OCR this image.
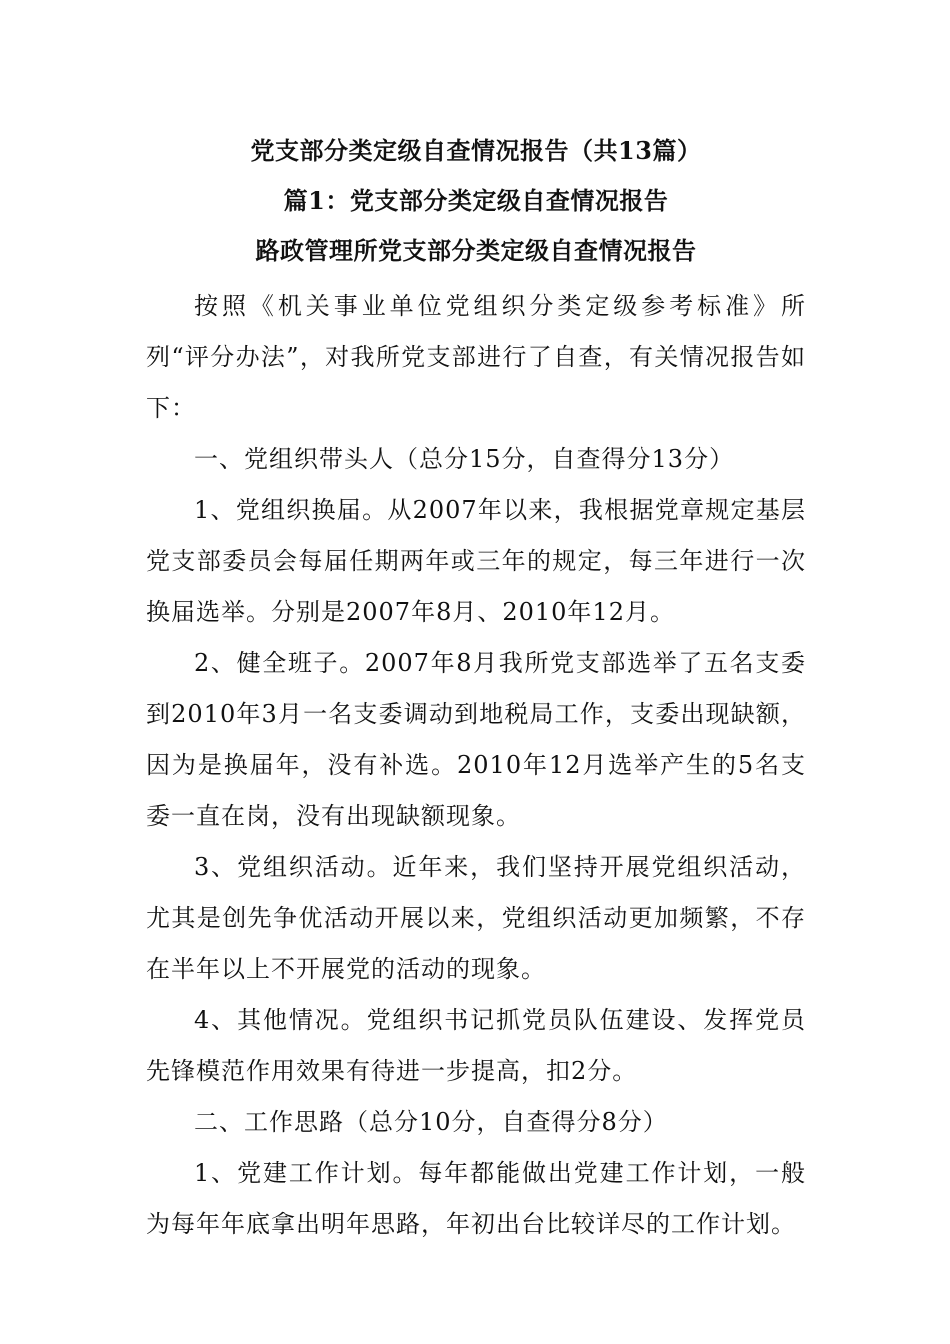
党支部分类定级自查情况报告（共13篇）
篇1：党支部分类定级自查情况报告
路政管理所党支部分类定级自查情况报告

按照《机关事业单位党组织分类定级参考标准》所列“评分办法”，对我所党支部进行了自查，有关情况报告如下：

一、党组织带头人（总分15分，自查得分13分）

1、党组织换届。从2007年以来，我根据党章规定基层党支部委员会每届任期两年或三年的规定，每三年进行一次换届选举。分别是2007年8月、2010年12月。

2、健全班子。2007年8月我所党支部选举了五名支委到2010年3月一名支委调动到地税局工作，支委出现缺额，因为是换届年，没有补选。2010年12月选举产生的5名支委一直在岗，没有出现缺额现象。

3、党组织活动。近年来，我们坚持开展党组织活动，尤其是创先争优活动开展以来，党组织活动更加频繁，不存在半年以上不开展党的活动的现象。

4、其他情况。党组织书记抓党员队伍建设、发挥党员先锋模范作用效果有待进一步提高，扣2分。

二、工作思路（总分10分，自查得分8分）

1、党建工作计划。每年都能做出党建工作计划，一般为每年年底拿出明年思路，年初出台比较详尽的工作计划。
